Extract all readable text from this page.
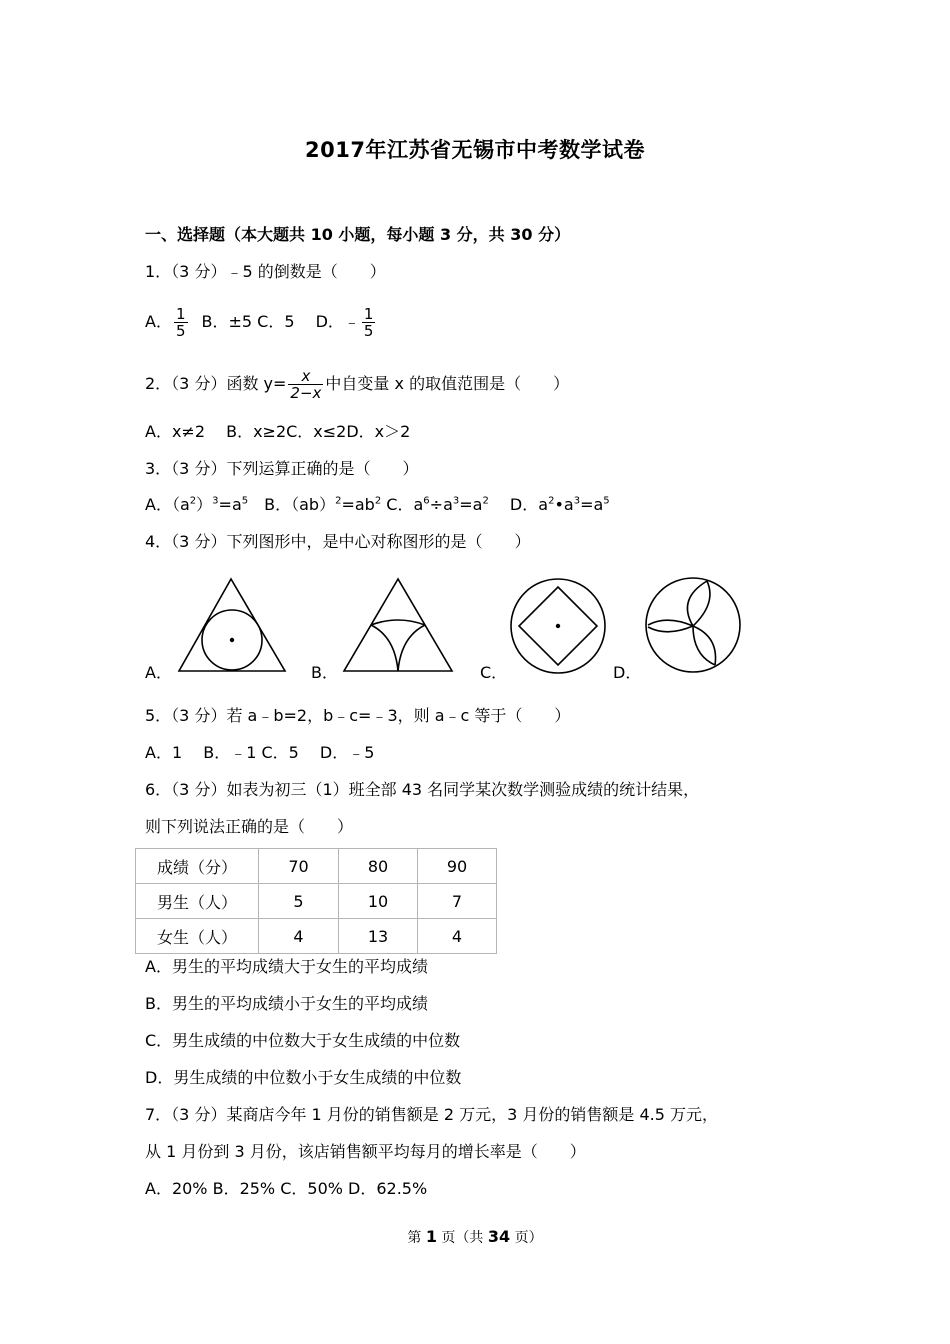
2017年江苏省无锡市中考数学试卷
一、选择题（本大题共 10 小题，每小题 3 分，共 30 分）
1．（3 分）﹣5 的倒数是（　　）
A． $\frac{1}{5}$ B．±5 C．5　 D．﹣ $\frac{1}{5}$
2．（3 分）函数 $y= \frac{x}{2-x}$ 中自变量 x 的取值范围是（　　）
A．x≠2　 B．x≥2C．x≤2D．x＞2
3．（3 分）下列运算正确的是（　　）
A．$(a^2)^3=a^5$　B．$(ab)^2=ab^2$ C．$a^6\div a^3=a^2$　 D．$a^2•a^3=a^5$
4．（3 分）下列图形中，是中心对称图形的是（　　）
A．	B．	C．	D．
5．（3 分）若 a﹣b=2，b﹣c=﹣3，则 a﹣c 等于（　　）
A．1　 B．﹣1 C．5　 D．﹣5
6．（3 分）如表为初三（1）班全部 43 名同学某次数学测验成绩的统计结果，
则下列说法正确的是（　　）
成绩（分）	70	80	90
男生（人）	5	10	7
女生（人）	4	13	4
A．男生的平均成绩大于女生的平均成绩
B．男生的平均成绩小于女生的平均成绩
C．男生成绩的中位数大于女生成绩的中位数
D．男生成绩的中位数小于女生成绩的中位数
7．（3 分）某商店今年 1 月份的销售额是 2 万元，3 月份的销售额是 4.5 万元，
从 1 月份到 3 月份，该店销售额平均每月的增长率是（　　）
A．20% B．25% C．50% D．62.5%
第 1 页（共 34 页）
